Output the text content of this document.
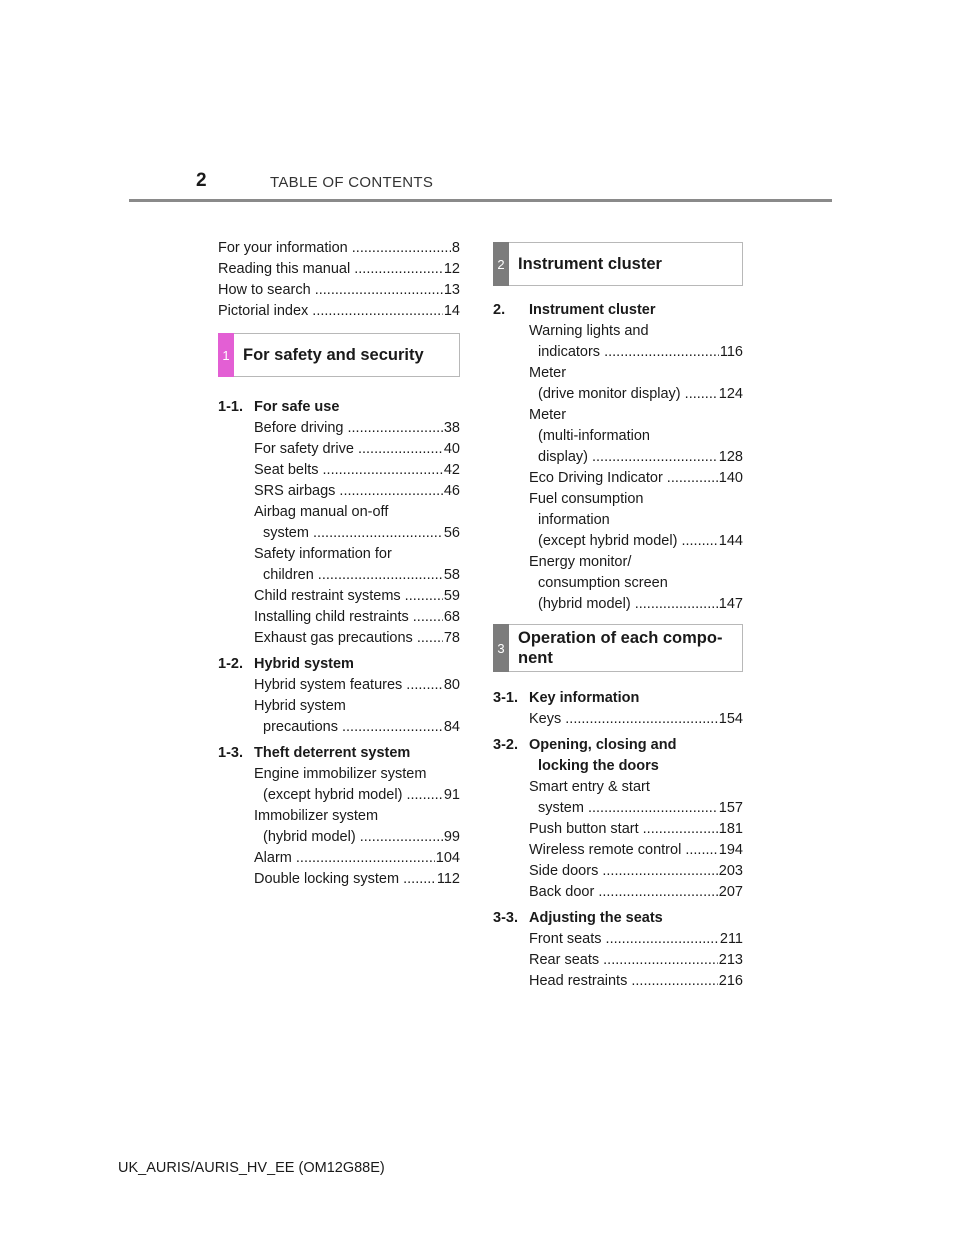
2	TABLE OF CONTENTS
For your information .....	8
Reading this manual .....	12
How to search .....	13
Pictorial index .....	14
1 For safety and security
1-1. For safe use
Before driving .....	38
For safety drive .....	40
Seat belts .....	42
SRS airbags .....	46
Airbag manual on-off
system .....	56
Safety information for
children .....	58
Child restraint systems .....	59
Installing child restraints .....	68
Exhaust gas precautions .....	78
1-2. Hybrid system
Hybrid system features .....	80
Hybrid system
precautions .....	84
1-3. Theft deterrent system
Engine immobilizer system
(except hybrid model) .....	91
Immobilizer system
(hybrid model) .....	99
Alarm .....	104
Double locking system .....	112
2 Instrument cluster
2.	Instrument cluster
Warning lights and
indicators .....	116
Meter
(drive monitor display) .....	124
Meter
(multi-information
display) .....	128
Eco Driving Indicator .....	140
Fuel consumption
information
(except hybrid model) .....	144
Energy monitor/
consumption screen
(hybrid model) .....	147
3
Operation of each compo-
nent
3-1. Key information
Keys .....	154
3-2. Opening, closing and
locking the doors
Smart entry & start
system .....	157
Push button start .....	181
Wireless remote control .....	194
Side doors .....	203
Back door .....	207
3-3. Adjusting the seats
Front seats .....	211
Rear seats .....	213
Head restraints .....	216
UK_AURIS/AURIS_HV_EE (OM12G88E)
